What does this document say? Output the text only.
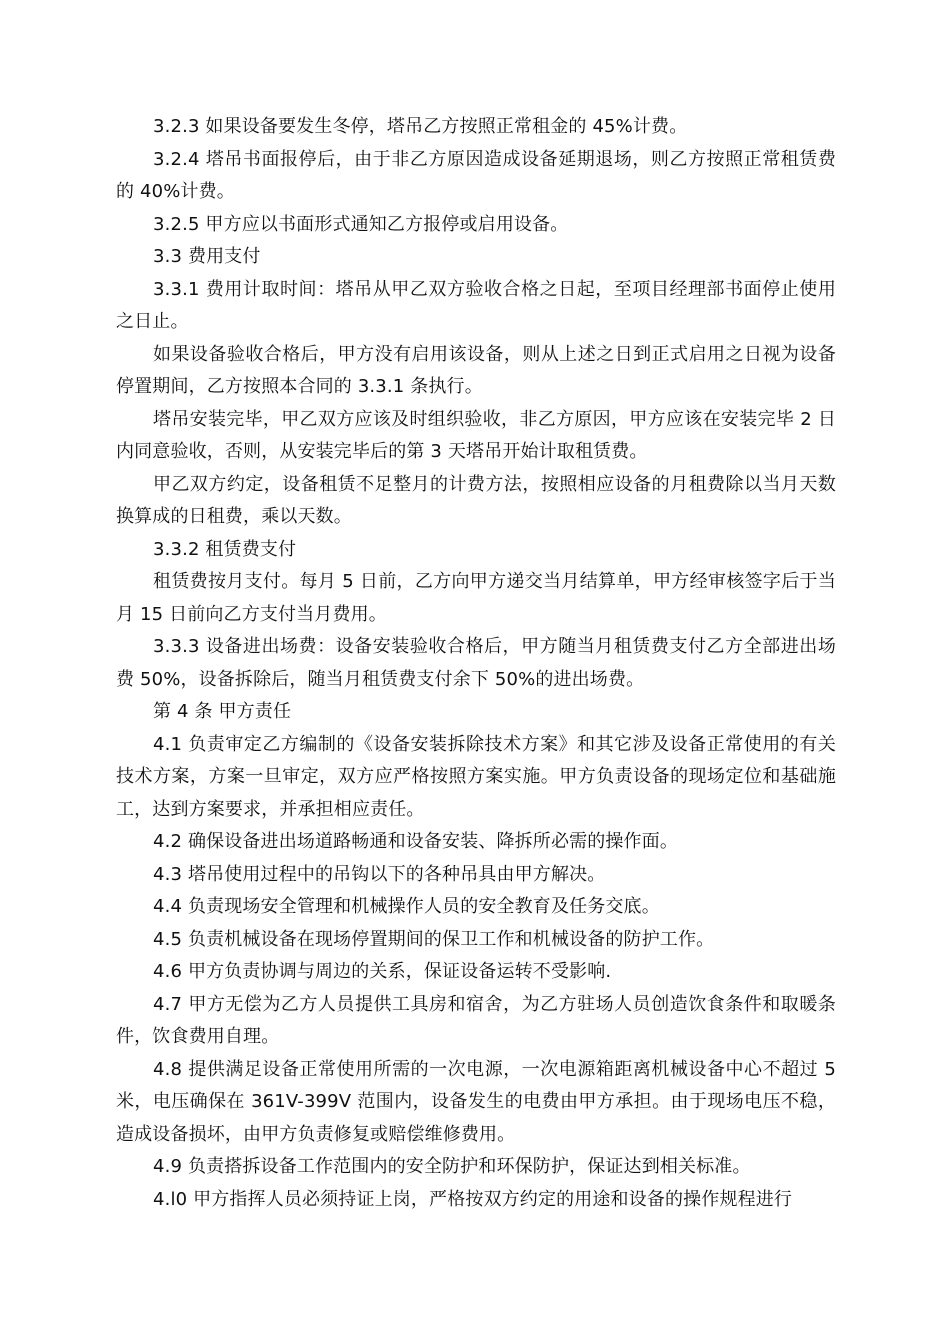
3.2.3 如果设备要发生冬停，塔吊乙方按照正常租金的 45%计费。

3.2.4 塔吊书面报停后，由于非乙方原因造成设备延期退场，则乙方按照正常租赁费的 40%计费。

3.2.5 甲方应以书面形式通知乙方报停或启用设备。

3.3 费用支付

3.3.1 费用计取时间：塔吊从甲乙双方验收合格之日起，至项目经理部书面停止使用之日止。

如果设备验收合格后，甲方没有启用该设备，则从上述之日到正式启用之日视为设备停置期间，乙方按照本合同的 3.3.1 条执行。

塔吊安装完毕，甲乙双方应该及时组织验收，非乙方原因，甲方应该在安装完毕 2 日内同意验收，否则，从安装完毕后的第 3 天塔吊开始计取租赁费。

甲乙双方约定，设备租赁不足整月的计费方法，按照相应设备的月租费除以当月天数换算成的日租费，乘以天数。

3.3.2 租赁费支付

租赁费按月支付。每月 5 日前，乙方向甲方递交当月结算单，甲方经审核签字后于当月 15 日前向乙方支付当月费用。

3.3.3 设备进出场费：设备安装验收合格后，甲方随当月租赁费支付乙方全部进出场费 50%，设备拆除后，随当月租赁费支付余下 50%的进出场费。

第 4 条 甲方责任

4.1 负责审定乙方编制的《设备安装拆除技术方案》和其它涉及设备正常使用的有关技术方案，方案一旦审定，双方应严格按照方案实施。甲方负责设备的现场定位和基础施工，达到方案要求，并承担相应责任。

4.2 确保设备进出场道路畅通和设备安装、降拆所必需的操作面。

4.3 塔吊使用过程中的吊钩以下的各种吊具由甲方解决。

4.4 负责现场安全管理和机械操作人员的安全教育及任务交底。

4.5 负责机械设备在现场停置期间的保卫工作和机械设备的防护工作。

4.6 甲方负责协调与周边的关系，保证设备运转不受影响.

4.7 甲方无偿为乙方人员提供工具房和宿舍，为乙方驻场人员创造饮食条件和取暖条件，饮食费用自理。

4.8 提供满足设备正常使用所需的一次电源，一次电源箱距离机械设备中心不超过 5 米，电压确保在 361V-399V 范围内，设备发生的电费由甲方承担。由于现场电压不稳，造成设备损坏，由甲方负责修复或赔偿维修费用。

4.9 负责搭拆设备工作范围内的安全防护和环保防护，保证达到相关标准。

4.l0 甲方指挥人员必须持证上岗，严格按双方约定的用途和设备的操作规程进行
